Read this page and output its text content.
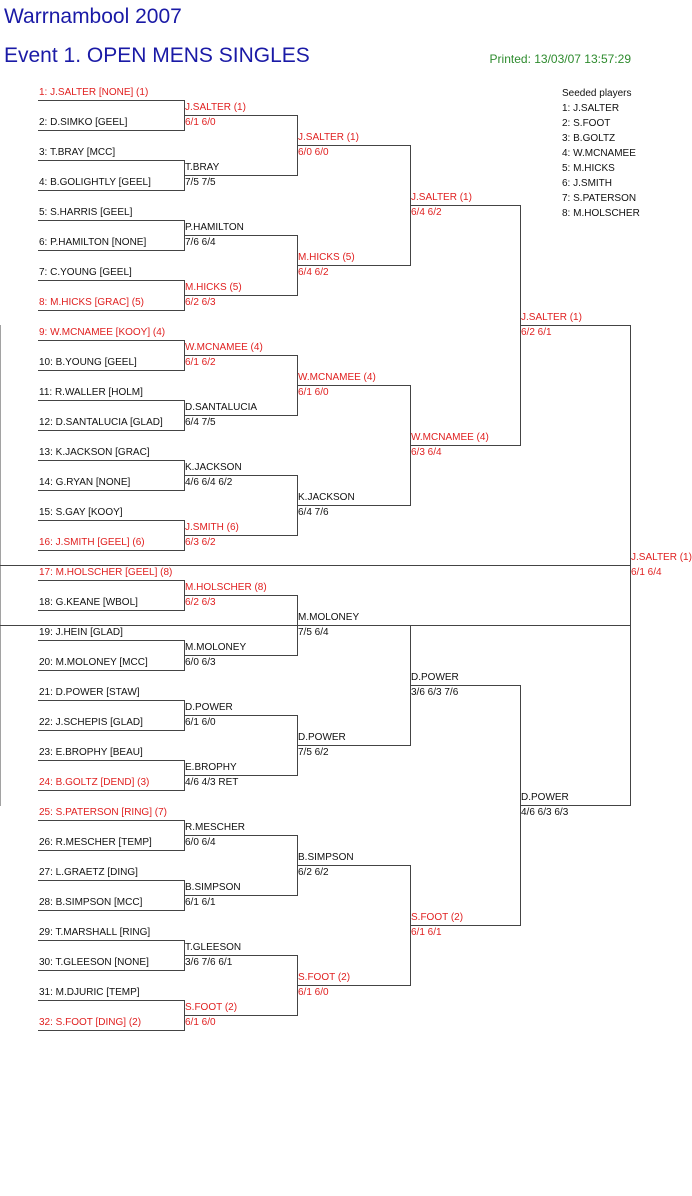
Warrnambool 2007
Event 1. OPEN MENS SINGLES	Printed: 13/03/07 13:57:29
Seeded players
1: J.SALTER
2: S.FOOT
3: B.GOLTZ
4: W.MCNAMEE
5: M.HICKS
6: J.SMITH
7: S.PATERSON
8: M.HOLSCHER
1: J.SALTER [NONE] (1)
2: D.SIMKO [GEEL]
3: T.BRAY [MCC]
4: B.GOLIGHTLY [GEEL]
5: S.HARRIS [GEEL]
6: P.HAMILTON [NONE]
7: C.YOUNG [GEEL]
8: M.HICKS [GRAC] (5)
9: W.MCNAMEE [KOOY] (4)
10: B.YOUNG [GEEL]
11: R.WALLER [HOLM]
12: D.SANTALUCIA [GLAD]
13: K.JACKSON [GRAC]
14: G.RYAN [NONE]
15: S.GAY [KOOY]
16: J.SMITH [GEEL] (6)
17: M.HOLSCHER [GEEL] (8)
18: G.KEANE [WBOL]
19: J.HEIN [GLAD]
20: M.MOLONEY [MCC]
21: D.POWER [STAW]
22: J.SCHEPIS [GLAD]
23: E.BROPHY [BEAU]
24: B.GOLTZ [DEND] (3)
25: S.PATERSON [RING] (7)
26: R.MESCHER [TEMP]
27: L.GRAETZ [DING]
28: B.SIMPSON [MCC]
29: T.MARSHALL [RING]
30: T.GLEESON [NONE]
31: M.DJURIC [TEMP]
32: S.FOOT [DING] (2)
J.SALTER (1)
6/1 6/0
T.BRAY
7/5 7/5
P.HAMILTON
7/6 6/4
M.HICKS (5)
6/2 6/3
W.MCNAMEE (4)
6/1 6/2
D.SANTALUCIA
6/4 7/5
K.JACKSON
4/6 6/4 6/2
J.SMITH (6)
6/3 6/2
M.HOLSCHER (8)
6/2 6/3
M.MOLONEY
6/0 6/3
D.POWER
6/1 6/0
E.BROPHY
4/6 4/3 RET
R.MESCHER
6/0 6/4
B.SIMPSON
6/1 6/1
T.GLEESON
3/6 7/6 6/1
S.FOOT (2)
6/1 6/0
J.SALTER (1)
6/0 6/0
M.HICKS (5)
6/4 6/2
W.MCNAMEE (4)
6/1 6/0
K.JACKSON
6/4 7/6
M.MOLONEY
7/5 6/4
D.POWER
7/5 6/2
B.SIMPSON
6/2 6/2
S.FOOT (2)
6/1 6/0
J.SALTER (1)
6/4 6/2
W.MCNAMEE (4)
6/3 6/4
D.POWER
3/6 6/3 7/6
S.FOOT (2)
6/1 6/1
J.SALTER (1)
6/2 6/1
D.POWER
4/6 6/3 6/3
J.SALTER (1)
6/1 6/4
